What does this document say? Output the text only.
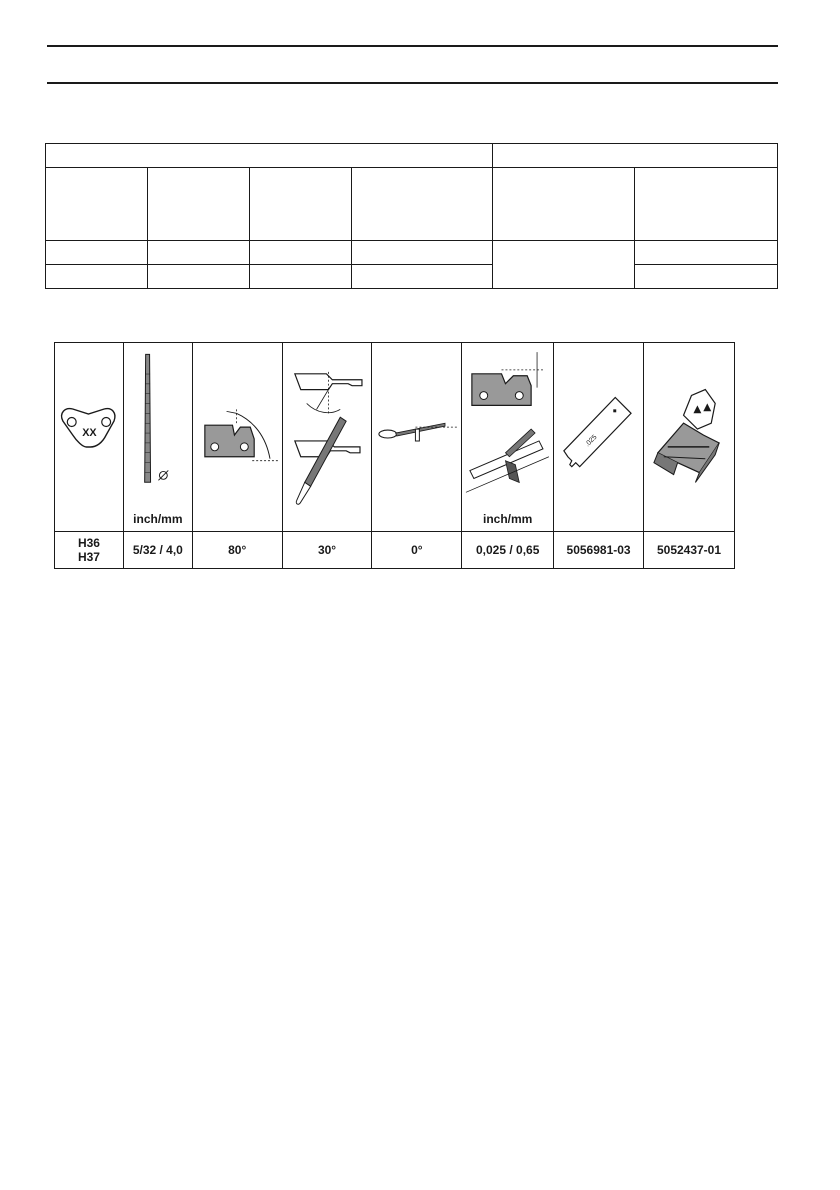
XX	inch/mm				inch/mm	.025

H36
H37	5/32 / 4,0	80°	30°	0°	0,025 / 0,65	5056981-03	5052437-01
